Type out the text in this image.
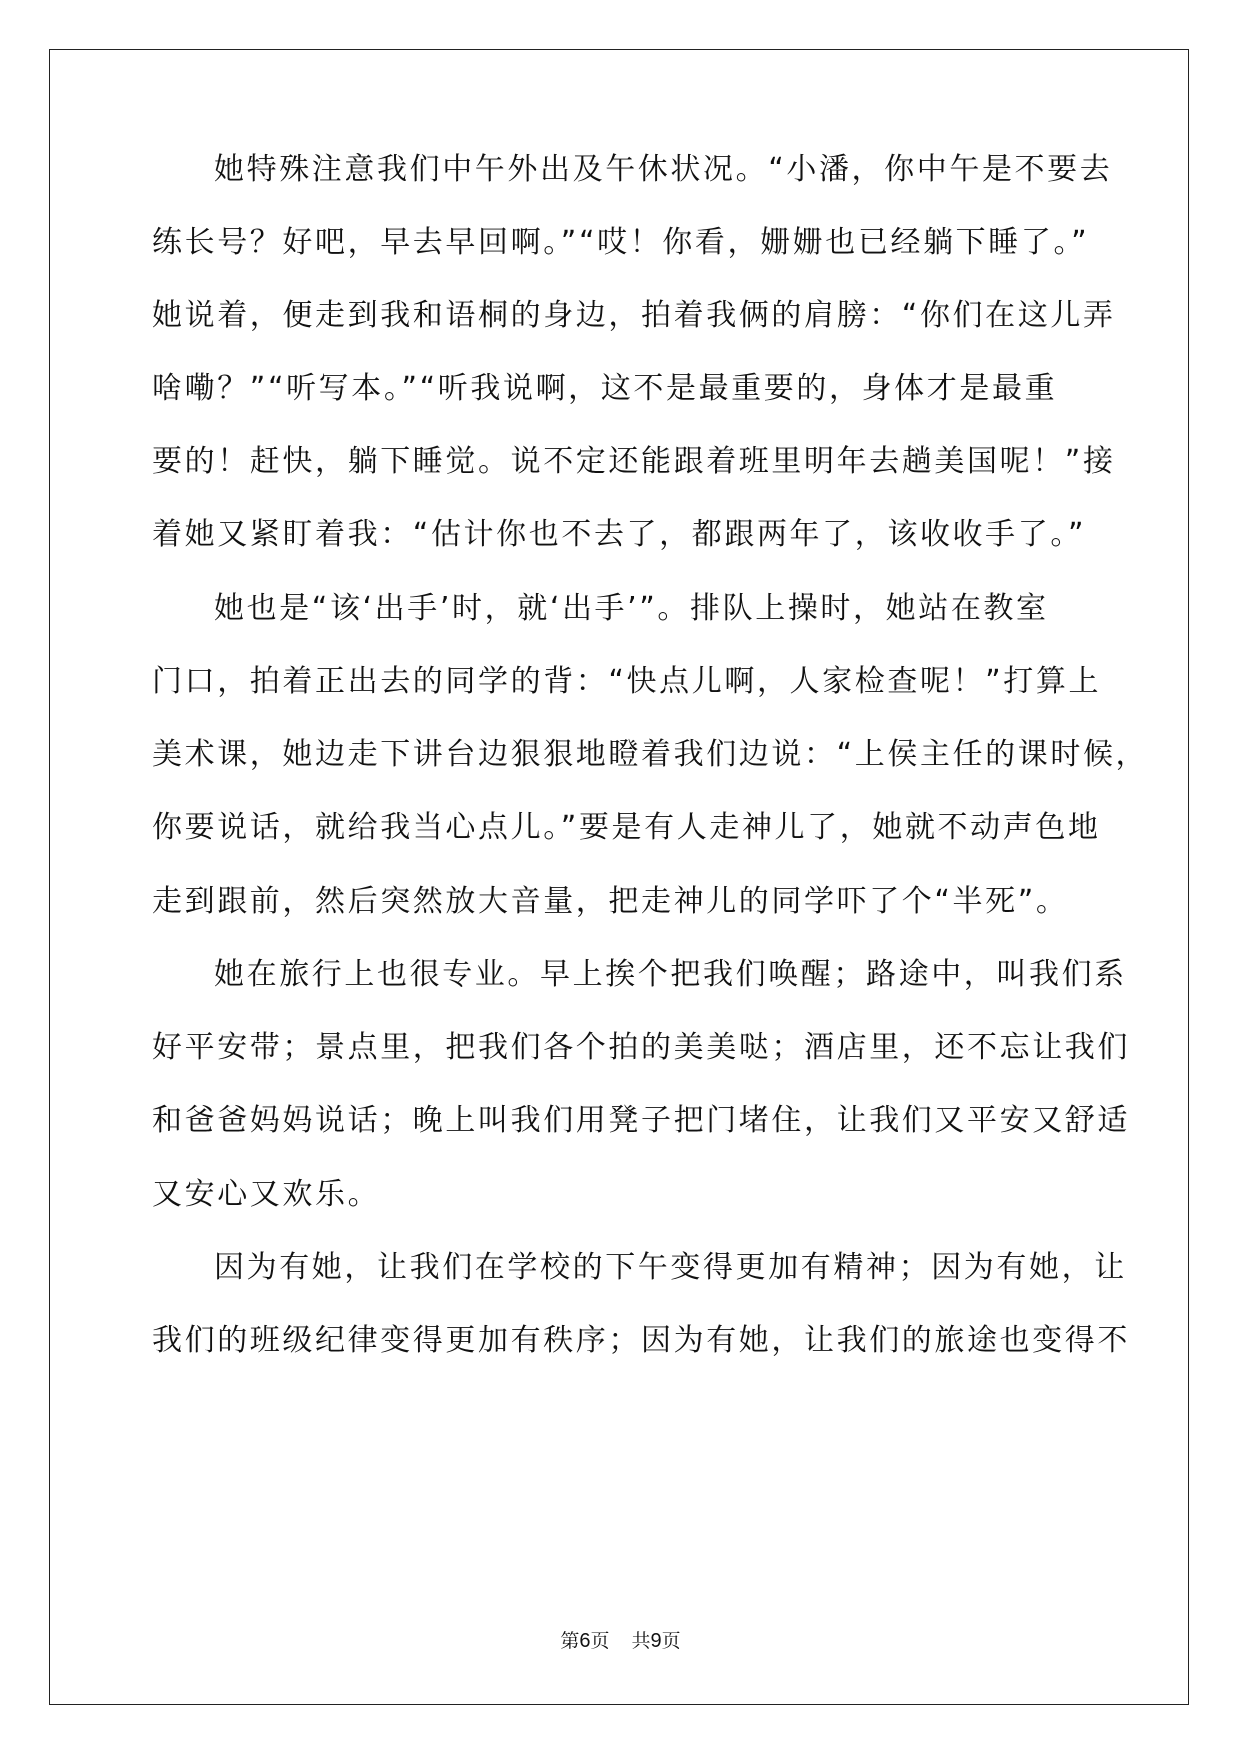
她特殊注意我们中午外出及午休状况。“小潘，你中午是不要去
练长号？好吧，早去早回啊。”“哎！你看，姗姗也已经躺下睡了。”
她说着，便走到我和语桐的身边，拍着我俩的肩膀：“你们在这儿弄
啥嘞？”“听写本。”“听我说啊，这不是最重要的，身体才是最重
要的！赶快，躺下睡觉。说不定还能跟着班里明年去趟美国呢！”接
着她又紧盯着我：“估计你也不去了，都跟两年了，该收收手了。”
她也是“该‘出手’时，就‘出手’”。排队上操时，她站在教室
门口，拍着正出去的同学的背：“快点儿啊，人家检查呢！”打算上
美术课，她边走下讲台边狠狠地瞪着我们边说：“上侯主任的课时候，
你要说话，就给我当心点儿。”要是有人走神儿了，她就不动声色地
走到跟前，然后突然放大音量，把走神儿的同学吓了个“半死”。
她在旅行上也很专业。早上挨个把我们唤醒；路途中，叫我们系
好平安带；景点里，把我们各个拍的美美哒；酒店里，还不忘让我们
和爸爸妈妈说话；晚上叫我们用凳子把门堵住，让我们又平安又舒适
又安心又欢乐。
因为有她，让我们在学校的下午变得更加有精神；因为有她，让
我们的班级纪律变得更加有秩序；因为有她，让我们的旅途也变得不
第6页 共9页
